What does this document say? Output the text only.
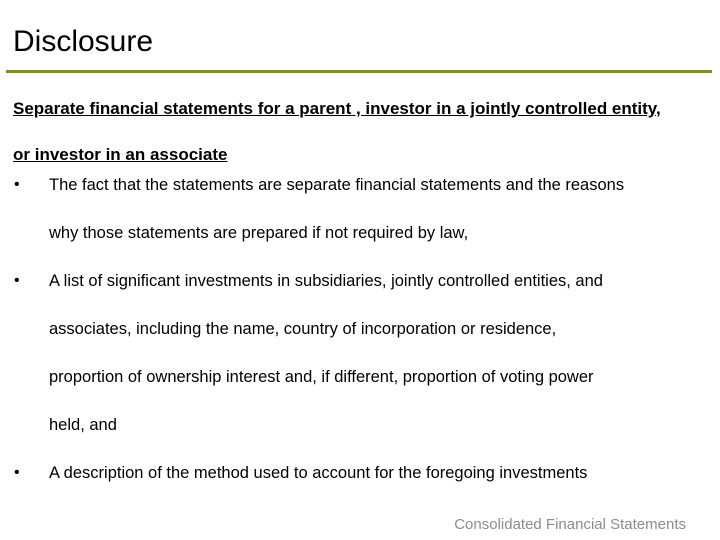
Disclosure
Separate financial statements for a parent , investor in a jointly controlled entity,
or investor in an associate
• The fact that the statements are separate financial statements and the reasons
why those statements are prepared if not required by law,

• A list of significant investments in subsidiaries, jointly controlled entities, and
associates, including the name, country of incorporation or residence,
proportion of ownership interest and, if different, proportion of voting power
held, and

• A description of the method used to account for the foregoing investments

Consolidated Financial Statements
